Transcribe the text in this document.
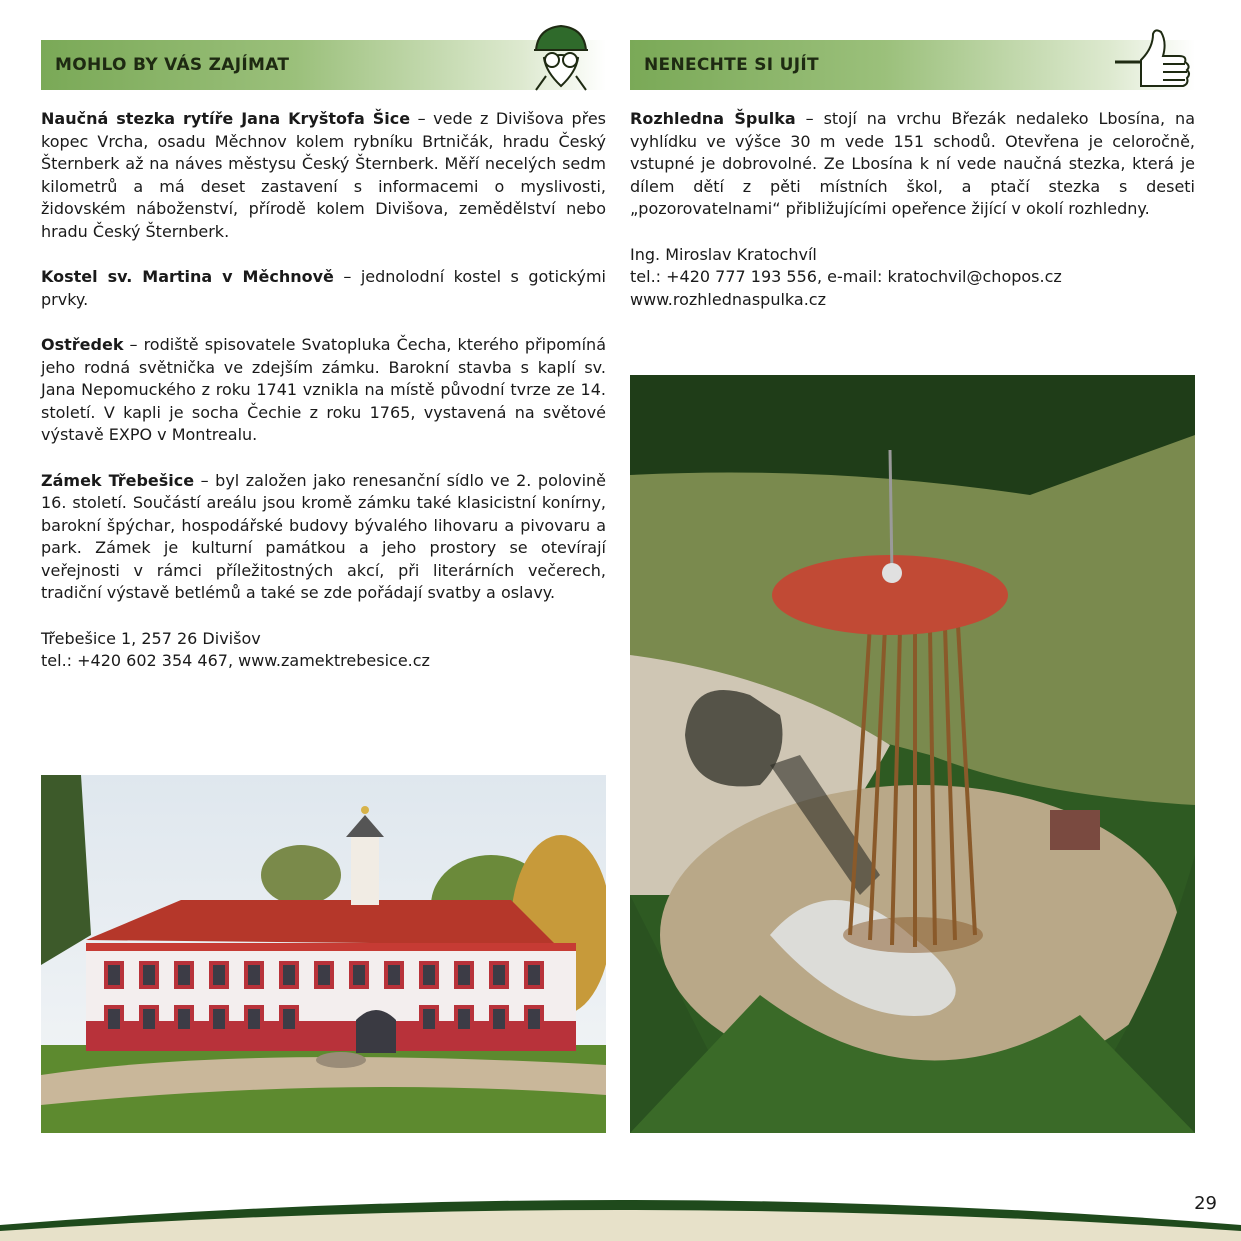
MOHLO BY VÁS ZAJÍMAT

Naučná stezka rytíře Jana Kryštofa Šice – vede z Divišova přes kopec Vrcha, osadu Měchnov kolem rybníku Brtničák, hradu Český Šternberk až na náves městysu Český Šternberk. Měří necelých sedm kilometrů a má deset zastavení s informacemi o myslivosti, židovském náboženství, přírodě kolem Divišova, zemědělství nebo hradu Český Šternberk.

Kostel sv. Martina v Měchnově – jednolodní kostel s gotickými prvky.

Ostředek – rodiště spisovatele Svatopluka Čecha, kterého připomíná jeho rodná světnička ve zdejším zámku. Barokní stavba s kaplí sv. Jana Nepomuckého z roku 1741 vznikla na místě původní tvrze ze 14. století. V kapli je socha Čechie z roku 1765, vystavená na světové výstavě EXPO v Montrealu.

Zámek Třebešice – byl založen jako renesanční sídlo ve 2. polovině 16. století. Součástí areálu jsou kromě zámku také klasicistní konírny, barokní špýchar, hospodářské budovy bývalého lihovaru a pivovaru a park. Zámek je kulturní památkou a jeho prostory se otevírají veřejnosti v rámci příležitostných akcí, při literárních večerech, tradiční výstavě betlémů a také se zde pořádají svatby a oslavy.

Třebešice 1, 257 26 Divišov
tel.: +420 602 354 467, www.zamektrebesice.cz
NENECHTE SI UJÍT

Rozhledna Špulka – stojí na vrchu Březák nedaleko Lbosína, na vyhlídku ve výšce 30 m vede 151 schodů. Otevřena je celoročně, vstupné je dobrovolné. Ze Lbosína k ní vede naučná stezka, která je dílem dětí z pěti místních škol, a ptačí stezka s deseti „pozorovatelnami“ přibližujícími opeřence žijící v okolí rozhledny.

Ing. Miroslav Kratochvíl
tel.: +420 777 193 556, e-mail: kratochvil@chopos.cz
www.rozhlednaspulka.cz
29
